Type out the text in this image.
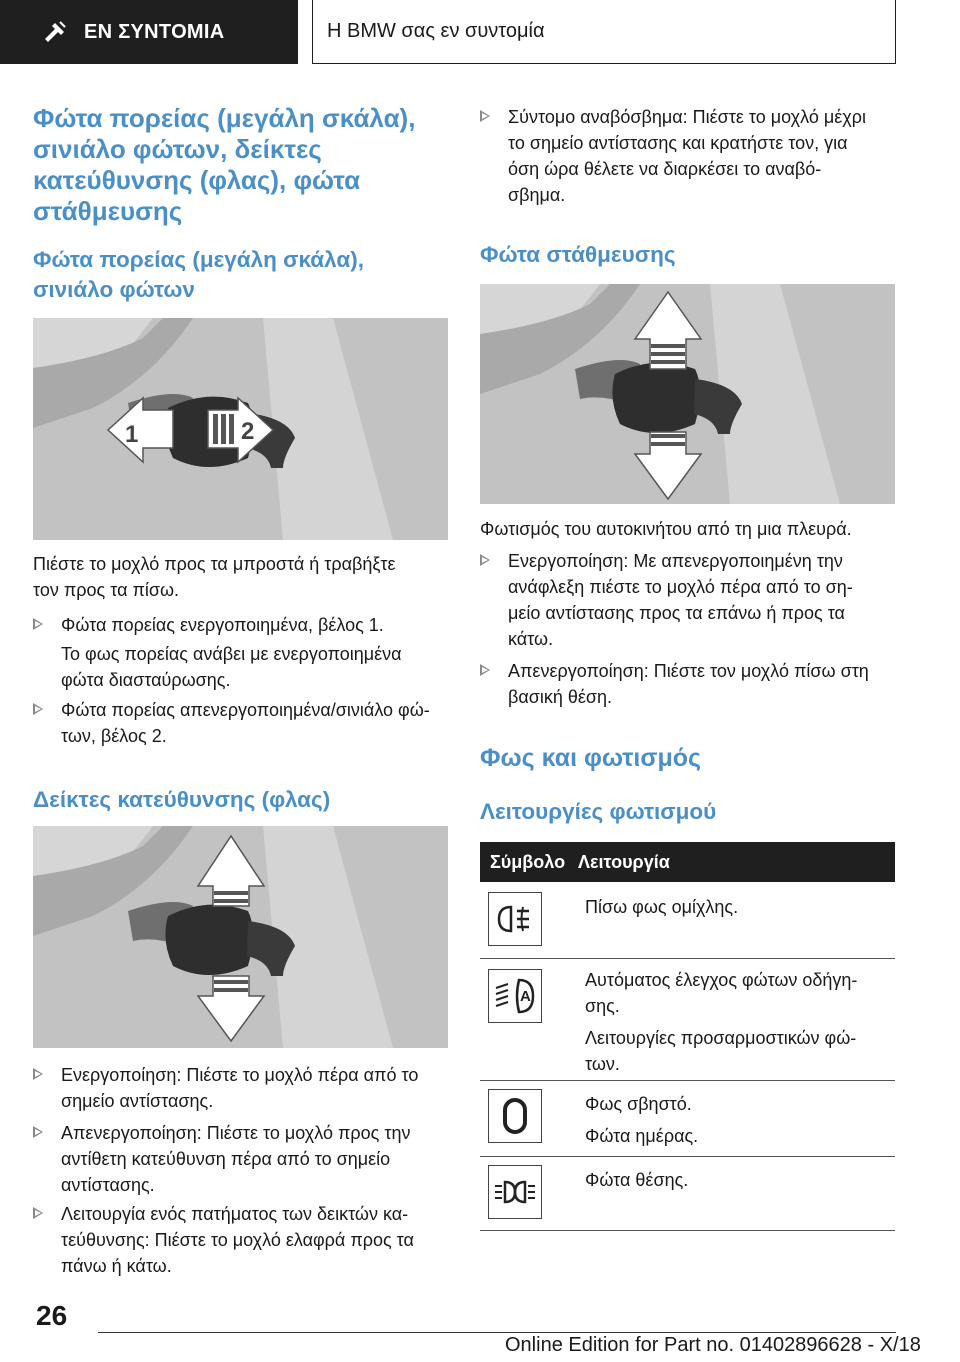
ΕΝ ΣΥΝΤΟΜΙΑ	Η BMW σας εν συντομία
Φώτα πορείας (μεγάλη σκάλα),
σινιάλο φώτων, δείκτες
κατεύθυνσης (φλας), φώτα
στάθμευσης
Φώτα πορείας (μεγάλη σκάλα),
σινιάλο φώτων
1	2
Πιέστε το μοχλό προς τα μπροστά ή τραβήξτε
τον προς τα πίσω.
Φώτα πορείας ενεργοποιημένα, βέλος 1.
Το φως πορείας ανάβει με ενεργοποιημένα
φώτα διασταύρωσης.
Φώτα πορείας απενεργοποιημένα/σινιάλο φώ-
των, βέλος 2.
Δείκτες κατεύθυνσης (φλας)
Ενεργοποίηση: Πιέστε το μοχλό πέρα από το
σημείο αντίστασης.
Απενεργοποίηση: Πιέστε το μοχλό προς την
αντίθετη κατεύθυνση πέρα από το σημείο
αντίστασης.
Λειτουργία ενός πατήματος των δεικτών κα-
τεύθυνσης: Πιέστε το μοχλό ελαφρά προς τα
πάνω ή κάτω.
Σύντομο αναβόσβημα: Πιέστε το μοχλό μέχρι
το σημείο αντίστασης και κρατήστε τον, για
όση ώρα θέλετε να διαρκέσει το αναβό-
σβημα.
Φώτα στάθμευσης
Φωτισμός του αυτοκινήτου από τη μια πλευρά.
Ενεργοποίηση: Με απενεργοποιημένη την
ανάφλεξη πιέστε το μοχλό πέρα από το ση-
μείο αντίστασης προς τα επάνω ή προς τα
κάτω.
Απενεργοποίηση: Πιέστε τον μοχλό πίσω στη
βασική θέση.
Φως και φωτισμός
Λειτουργίες φωτισμού
Σύμβολο Λειτουργία
Πίσω φως ομίχλης.
A
Αυτόματος έλεγχος φώτων οδήγη-
σης.
Λειτουργίες προσαρμοστικών φώ-
των.
Φως σβηστό.
Φώτα ημέρας.
Φώτα θέσης.
26
Online Edition for Part no. 01402896628 - X/18
